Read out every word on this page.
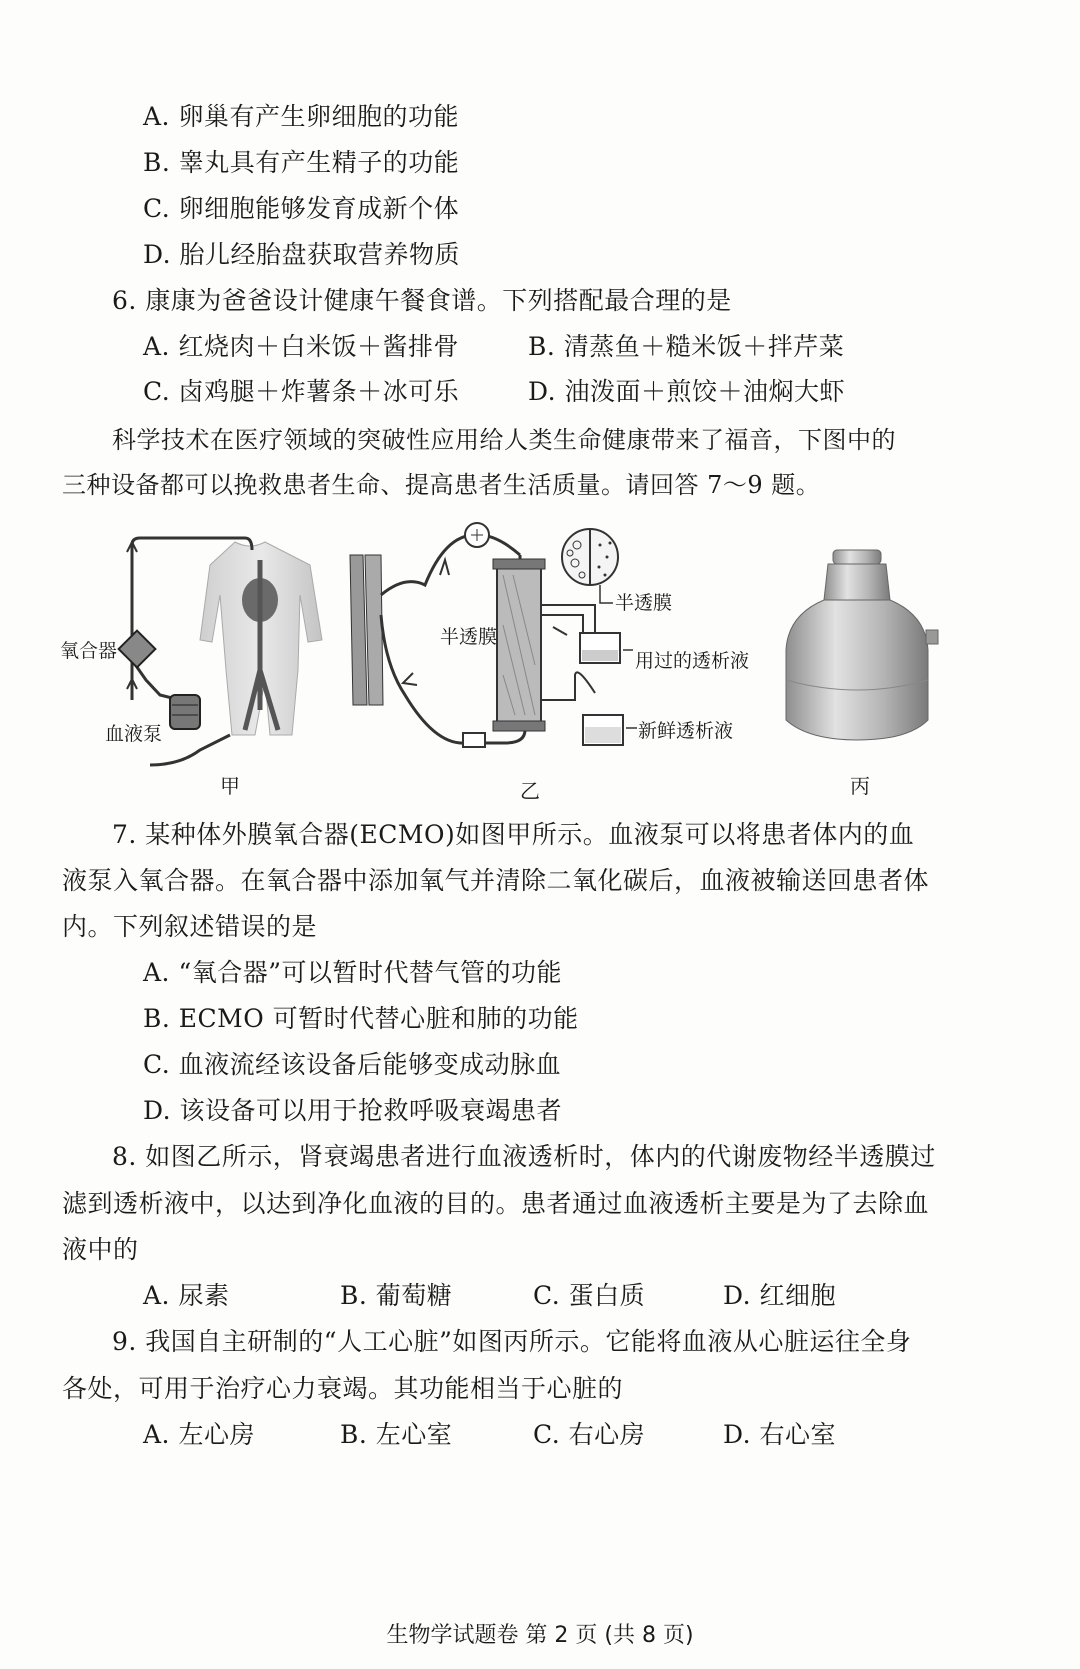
A. 卵巢有产生卵细胞的功能
B. 睾丸具有产生精子的功能
C. 卵细胞能够发育成新个体
D. 胎儿经胎盘获取营养物质
6. 康康为爸爸设计健康午餐食谱。下列搭配最合理的是
A. 红烧肉＋白米饭＋酱排骨	B. 清蒸鱼＋糙米饭＋拌芹菜
C. 卤鸡腿＋炸薯条＋冰可乐	D. 油泼面＋煎饺＋油焖大虾
科学技术在医疗领域的突破性应用给人类生命健康带来了福音，下图中的
三种设备都可以挽救患者生命、提高患者生活质量。请回答 7～9 题。
氧合器
血液泵
甲
半透膜
半透膜
用过的透析液
新鲜透析液
乙	丙
7. 某种体外膜氧合器(ECMO)如图甲所示。血液泵可以将患者体内的血
液泵入氧合器。在氧合器中添加氧气并清除二氧化碳后，血液被输送回患者体
内。下列叙述错误的是
A. “氧合器”可以暂时代替气管的功能
B. ECMO 可暂时代替心脏和肺的功能
C. 血液流经该设备后能够变成动脉血
D. 该设备可以用于抢救呼吸衰竭患者
8. 如图乙所示，肾衰竭患者进行血液透析时，体内的代谢废物经半透膜过
滤到透析液中，以达到净化血液的目的。患者通过血液透析主要是为了去除血
液中的
A. 尿素	B. 葡萄糖	C. 蛋白质	D. 红细胞
9. 我国自主研制的“人工心脏”如图丙所示。它能将血液从心脏运往全身
各处，可用于治疗心力衰竭。其功能相当于心脏的
A. 左心房	B. 左心室	C. 右心房	D. 右心室
生物学试题卷 第 2 页 (共 8 页)
